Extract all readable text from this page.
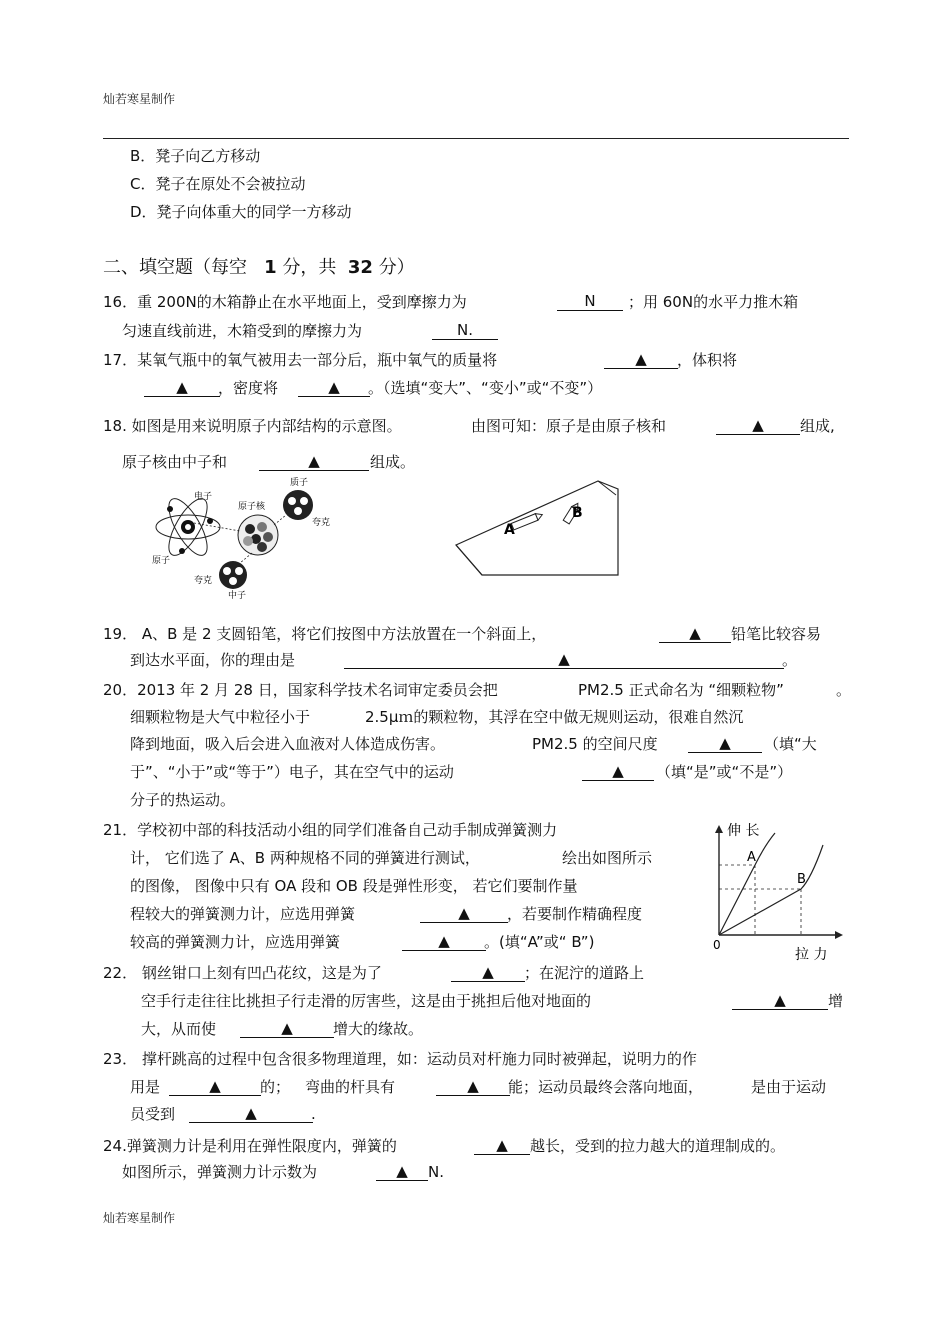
灿若寒星制作
灿若寒星制作
B．凳子向乙方移动
C．凳子在原处不会被拉动
D．凳子向体重大的同学一方移动
二、填空题（每空 1 分，共 32 分）
16．重 200N的木箱静止在水平地面上，受到摩擦力为	N	；用 60N的水平力推木箱
匀速直线前进，木箱受到的摩擦力为	N.
17．某氧气瓶中的氧气被用去一部分后，瓶中氧气的质量将	▲	，体积将
▲	，密度将	▲	。（选填“变大”、“变小”或“不变”）
18. 如图是用来说明原子内部结构的示意图。	由图可知：原子是由原子核和	▲	组成,
原子核由中子和	▲	组成。
电子
原子核
质子
原子
夸克
夸克
中子
A
B
19． A、B 是 2 支圆铅笔，将它们按图中方法放置在一个斜面上，	▲	铅笔比较容易
到达水平面，你的理由是	▲	。
20．2013 年 2 月 28 日，国家科学技术名词审定委员会把	PM2.5 正式命名为 “细颗粒物”	。
细颗粒物是大气中粒径小于	2.5μｍ的颗粒物，其浮在空中做无规则运动，很难自然沉
降到地面，吸入后会进入血液对人体造成伤害。	PM2.5 的空间尺度	▲	（填“大
于”、“小于”或“等于”）电子，其在空气中的运动	▲	（填“是”或“不是”）
分子的热运动。
21．学校初中部的科技活动小组的同学们准备自己动手制成弹簧测力
计， 它们选了 A、B 两种规格不同的弹簧进行测试，	绘出如图所示
的图像， 图像中只有 OA 段和 OB 段是弹性形变， 若它们要制作量
程较大的弹簧测力计，应选用弹簧	▲	，若要制作精确程度
较高的弹簧测力计，应选用弹簧	▲	。(填“A”或“ B”)
伸 长
拉 力
0
A
B
22． 钢丝钳口上刻有凹凸花纹，这是为了	▲	；在泥泞的道路上
空手行走往往比挑担子行走滑的厉害些，这是由于挑担后他对地面的	▲	增
大，从而使	▲	增大的缘故。
23． 撑杆跳高的过程中包含很多物理道理，如：运动员对杆施力同时被弹起，说明力的作
用是	▲	的； 弯曲的杆具有	▲	能；运动员最终会落向地面，	是由于运动
员受到	▲	.
24.弹簧测力计是利用在弹性限度内，弹簧的	▲	越长，受到的拉力越大的道理制成的。
如图所示，弹簧测力计示数为	▲	N.
